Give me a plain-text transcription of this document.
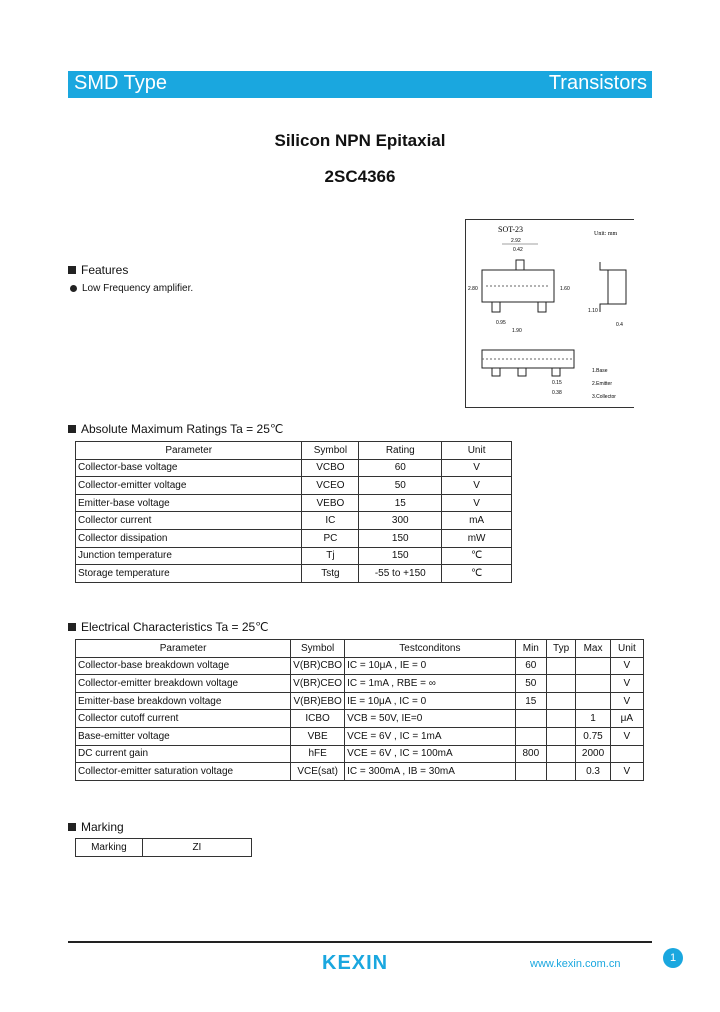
SMD Type	Transistors
Silicon NPN Epitaxial
2SC4366
SOT-23	Unit: mm
2.92
0.42
2.80	1.60
0.95
1.90
1.10
0.4
0.15
0.38
1.Base
2.Emitter
3.Collector
Features
Low Frequency amplifier.
Absolute Maximum Ratings Ta = 25℃
Parameter	Symbol	Rating	Unit
Collector-base voltage	VCBO	60	V
Collector-emitter voltage	VCEO	50	V
Emitter-base voltage	VEBO	15	V
Collector current	IC	300	mA
Collector dissipation	PC	150	mW
Junction temperature	Tj	150	℃
Storage temperature	Tstg	-55 to +150	℃
Electrical Characteristics Ta = 25℃
Parameter	Symbol	Testconditons	Min	Typ	Max	Unit
Collector-base breakdown voltage	V(BR)CBO	IC = 10μA , IE = 0	60			V
Collector-emitter breakdown voltage	V(BR)CEO	IC = 1mA , RBE = ∞	50			V
Emitter-base breakdown voltage	V(BR)EBO	IE = 10μA , IC = 0	15			V
Collector cutoff current	ICBO	VCB = 50V, IE=0			1	μA
Base-emitter voltage	VBE	VCE = 6V , IC = 1mA			0.75	V
DC current gain	hFE	VCE = 6V , IC = 100mA	800		2000	
Collector-emitter saturation voltage	VCE(sat)	IC = 300mA , IB = 30mA			0.3	V
Marking
Marking	ZI
KEXIN	www.kexin.com.cn	1
